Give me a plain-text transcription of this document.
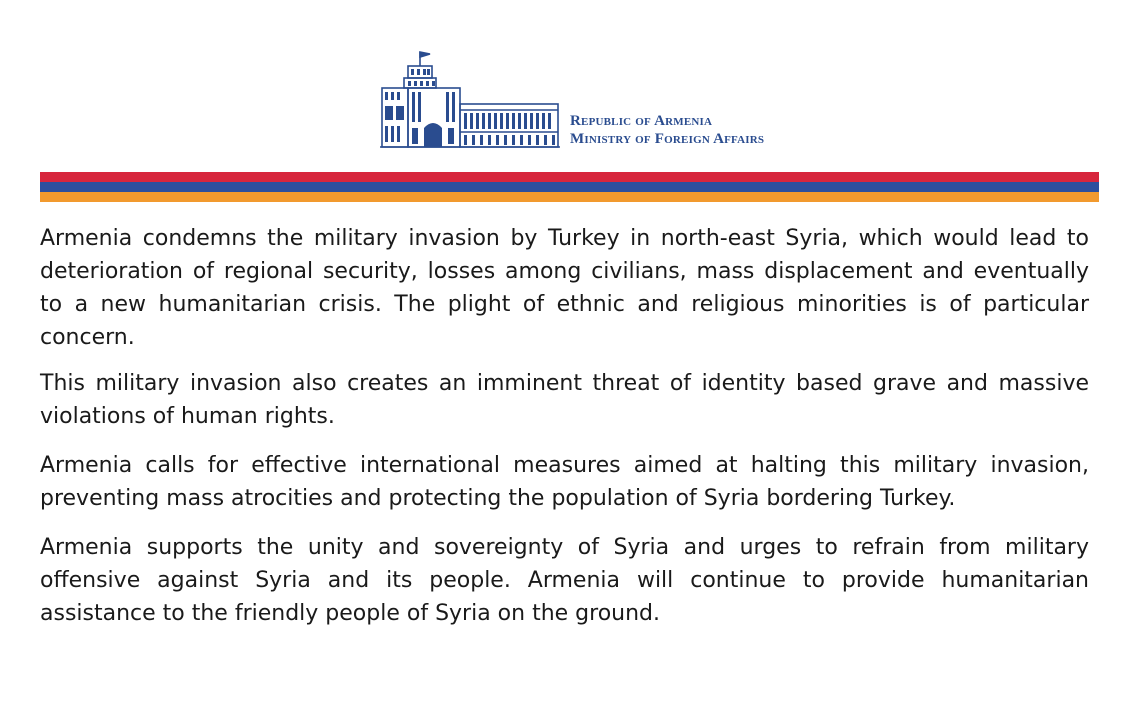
Republic of Armenia
Ministry of Foreign Affairs

Armenia condemns the military invasion by Turkey in north-east Syria, which would lead to deterioration of regional security, losses among civilians, mass displacement and eventually to a new humanitarian crisis. The plight of ethnic and religious minorities is of particular concern.

This military invasion also creates an imminent threat of identity based grave and massive violations of human rights.

Armenia calls for effective international measures aimed at halting this military invasion, preventing mass atrocities and protecting the population of Syria bordering Turkey.

Armenia supports the unity and sovereignty of Syria and urges to refrain from military offensive against Syria and its people. Armenia will continue to provide humanitarian assistance to the friendly people of Syria on the ground.
